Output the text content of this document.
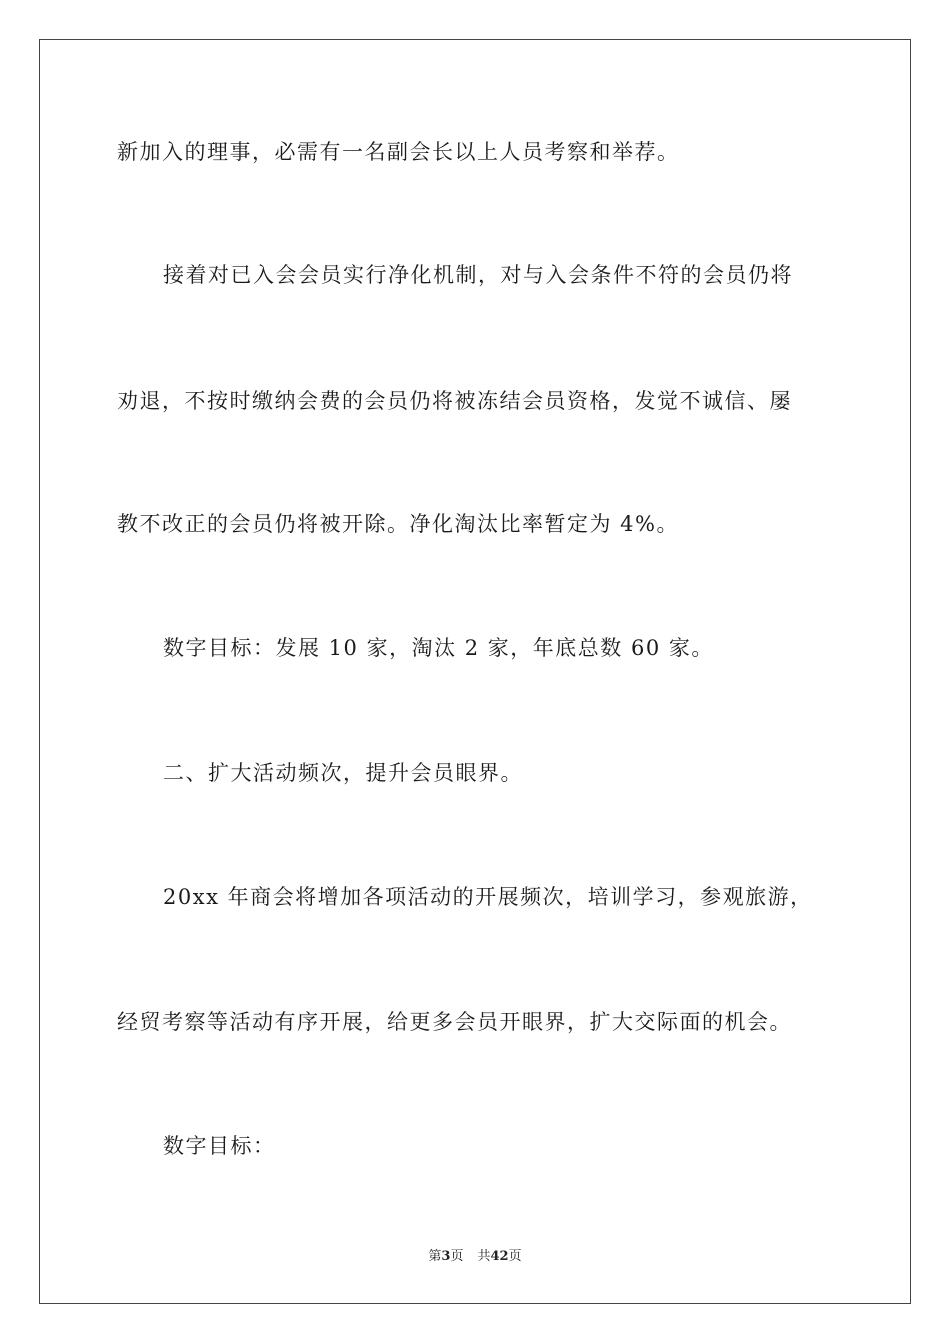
新加入的理事，必需有一名副会长以上人员考察和举荐。
接着对已入会会员实行净化机制，对与入会条件不符的会员仍将
劝退，不按时缴纳会费的会员仍将被冻结会员资格，发觉不诚信、屡
教不改正的会员仍将被开除。净化淘汰比率暂定为 4%。
数字目标：发展 10 家，淘汰 2 家，年底总数 60 家。
二、扩大活动频次，提升会员眼界。
20xx 年商会将增加各项活动的开展频次，培训学习，参观旅游，
经贸考察等活动有序开展，给更多会员开眼界，扩大交际面的机会。
数字目标：
第3页 共42页
